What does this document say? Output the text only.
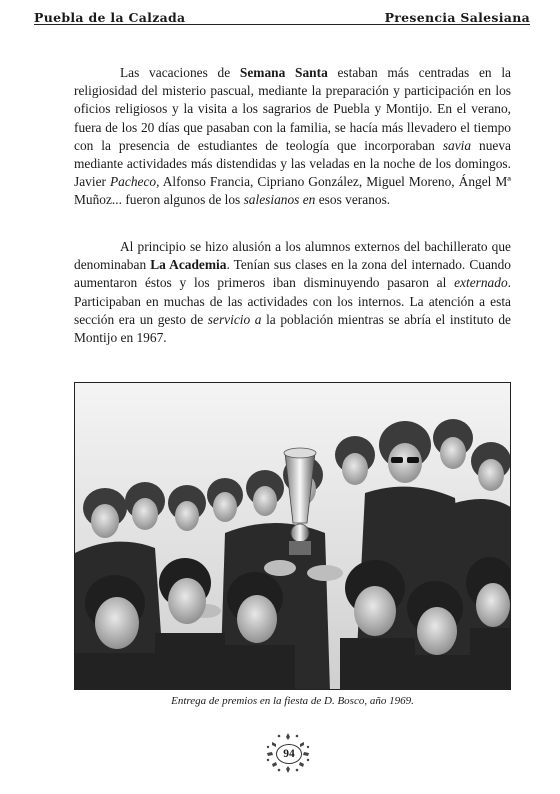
Puebla de la Calzada	Presencia Salesiana

Las vacaciones de Semana Santa estaban más centradas en la religiosidad del misterio pascual, mediante la preparación y participación en los oficios religiosos y la visita a los sagrarios de Puebla y Montijo. En el verano, fuera de los 20 días que pasaban con la familia, se hacía más llevadero el tiempo con la presencia de estudiantes de teología que incorporaban savia nueva mediante actividades más distendidas y las veladas en la noche de los domingos. Javier Pacheco, Alfonso Francia, Cipriano González, Miguel Moreno, Ángel Mª Muñoz... fueron algunos de los salesianos en esos veranos.

Al principio se hizo alusión a los alumnos externos del bachillerato que denominaban La Academia. Tenían sus clases en la zona del internado. Cuando aumentaron éstos y los primeros iban disminuyendo pasaron al externado. Participaban en muchas de las actividades con los internos. La atención a esta sección era un gesto de servicio a la población mientras se abría el instituto de Montijo en 1967.

Entrega de premios en la fiesta de D. Bosco, año 1969.
94
